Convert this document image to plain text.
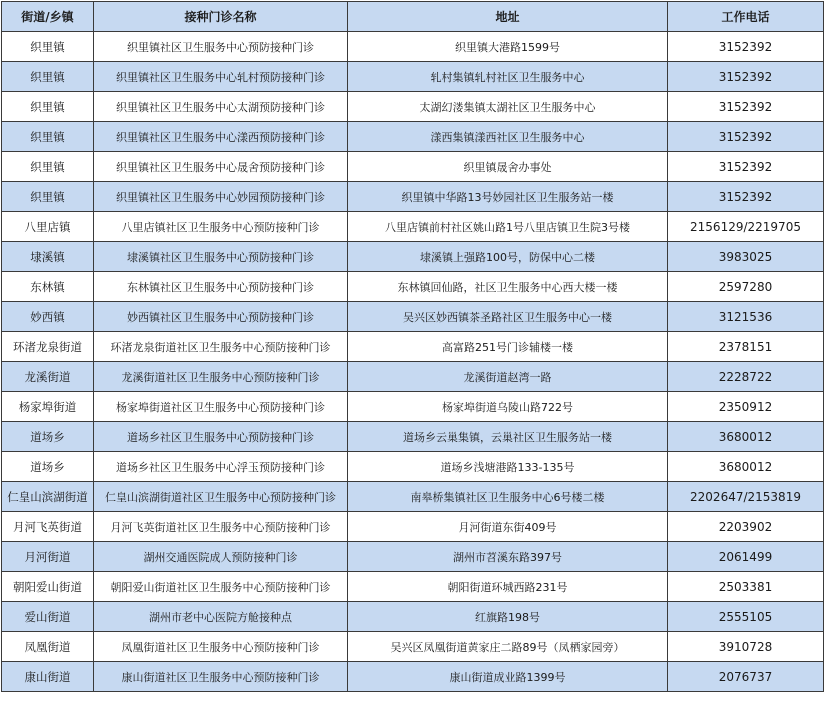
街道/乡镇	接种门诊名称	地址	工作电话
织里镇	织里镇社区卫生服务中心预防接种门诊	织里镇大港路1599号	3152392
织里镇	织里镇社区卫生服务中心轧村预防接种门诊	轧村集镇轧村社区卫生服务中心	3152392
织里镇	织里镇社区卫生服务中心太湖预防接种门诊	太湖幻溇集镇太湖社区卫生服务中心	3152392
织里镇	织里镇社区卫生服务中心漾西预防接种门诊	漾西集镇漾西社区卫生服务中心	3152392
织里镇	织里镇社区卫生服务中心晟舍预防接种门诊	织里镇晟舍办事处	3152392
织里镇	织里镇社区卫生服务中心妙园预防接种门诊	织里镇中华路13号妙园社区卫生服务站一楼	3152392
八里店镇	八里店镇社区卫生服务中心预防接种门诊	八里店镇前村社区姚山路1号八里店镇卫生院3号楼	2156129/2219705
埭溪镇	埭溪镇社区卫生服务中心预防接种门诊	埭溪镇上强路100号，防保中心二楼	3983025
东林镇	东林镇社区卫生服务中心预防接种门诊	东林镇回仙路，社区卫生服务中心西大楼一楼	2597280
妙西镇	妙西镇社区卫生服务中心预防接种门诊	吴兴区妙西镇茶圣路社区卫生服务中心一楼	3121536
环渚龙泉街道	环渚龙泉街道社区卫生服务中心预防接种门诊	高富路251号门诊辅楼一楼	2378151
龙溪街道	龙溪街道社区卫生服务中心预防接种门诊	龙溪街道赵湾一路	2228722
杨家埠街道	杨家埠街道社区卫生服务中心预防接种门诊	杨家埠街道乌陵山路722号	2350912
道场乡	道场乡社区卫生服务中心预防接种门诊	道场乡云巢集镇，云巢社区卫生服务站一楼	3680012
道场乡	道场乡社区卫生服务中心浮玉预防接种门诊	道场乡浅塘港路133-135号	3680012
仁皇山滨湖街道	仁皇山滨湖街道社区卫生服务中心预防接种门诊	南皋桥集镇社区卫生服务中心6号楼二楼	2202647/2153819
月河飞英街道	月河飞英街道社区卫生服务中心预防接种门诊	月河街道东街409号	2203902
月河街道	湖州交通医院成人预防接种门诊	湖州市苕溪东路397号	2061499
朝阳爱山街道	朝阳爱山街道社区卫生服务中心预防接种门诊	朝阳街道环城西路231号	2503381
爱山街道	湖州市老中心医院方舱接种点	红旗路198号	2555105
凤凰街道	凤凰街道社区卫生服务中心预防接种门诊	吴兴区凤凰街道黄家庄二路89号（凤栖家园旁）	3910728
康山街道	康山街道社区卫生服务中心预防接种门诊	康山街道成业路1399号	2076737
